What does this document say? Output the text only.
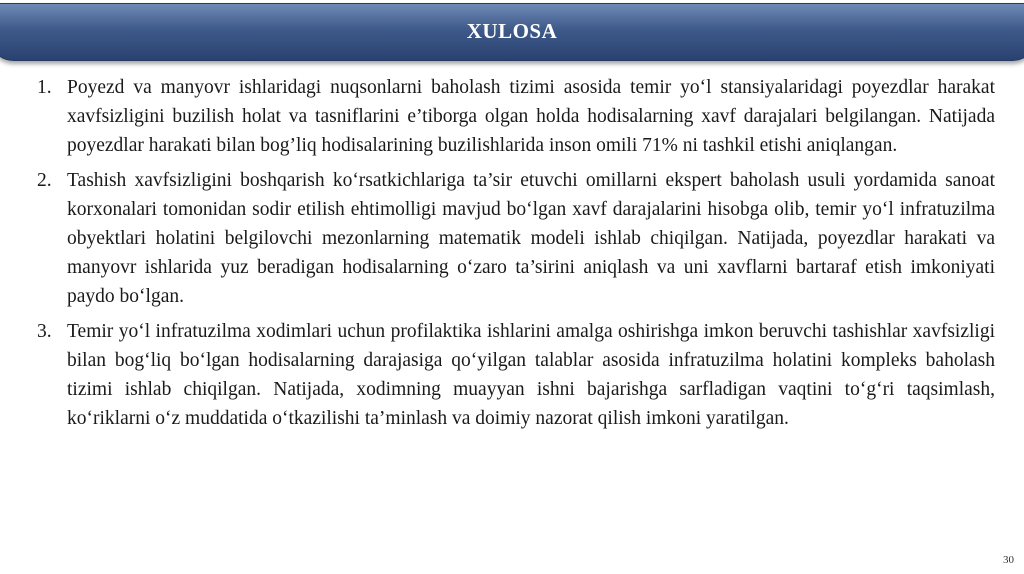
XULOSA
1. Poyezd va manyovr ishlaridagi nuqsonlarni baholash tizimi asosida temir yo‘l stansiyalaridagi poyezdlar harakat xavfsizligini buzilish holat va tasniflarini e’tiborga olgan holda hodisalarning xavf darajalari belgilangan. Natijada poyezdlar harakati bilan bog’liq hodisalarining buzilishlarida inson omili 71% ni tashkil etishi aniqlangan.
2. Tashish xavfsizligini boshqarish ko‘rsatkichlariga ta’sir etuvchi omillarni ekspert baholash usuli yordamida sanoat korxonalari tomonidan sodir etilish ehtimolligi mavjud bo‘lgan xavf darajalarini hisobga olib, temir yo‘l infratuzilma obyektlari holatini belgilovchi mezonlarning matematik modeli ishlab chiqilgan. Natijada, poyezdlar harakati va manyovr ishlarida yuz beradigan hodisalarning o‘zaro ta’sirini aniqlash va uni xavflarni bartaraf etish imkoniyati paydo bo‘lgan.
3. Temir yo‘l infratuzilma xodimlari uchun profilaktika ishlarini amalga oshirishga imkon beruvchi tashishlar xavfsizligi bilan bog‘liq bo‘lgan hodisalarning darajasiga qo‘yilgan talablar asosida infratuzilma holatini kompleks baholash tizimi ishlab chiqilgan. Natijada, xodimning muayyan ishni bajarishga sarfladigan vaqtini to‘g‘ri taqsimlash, ko‘riklarni o‘z muddatida o‘tkazilishi ta’minlash va doimiy nazorat qilish imkoni yaratilgan.
30
